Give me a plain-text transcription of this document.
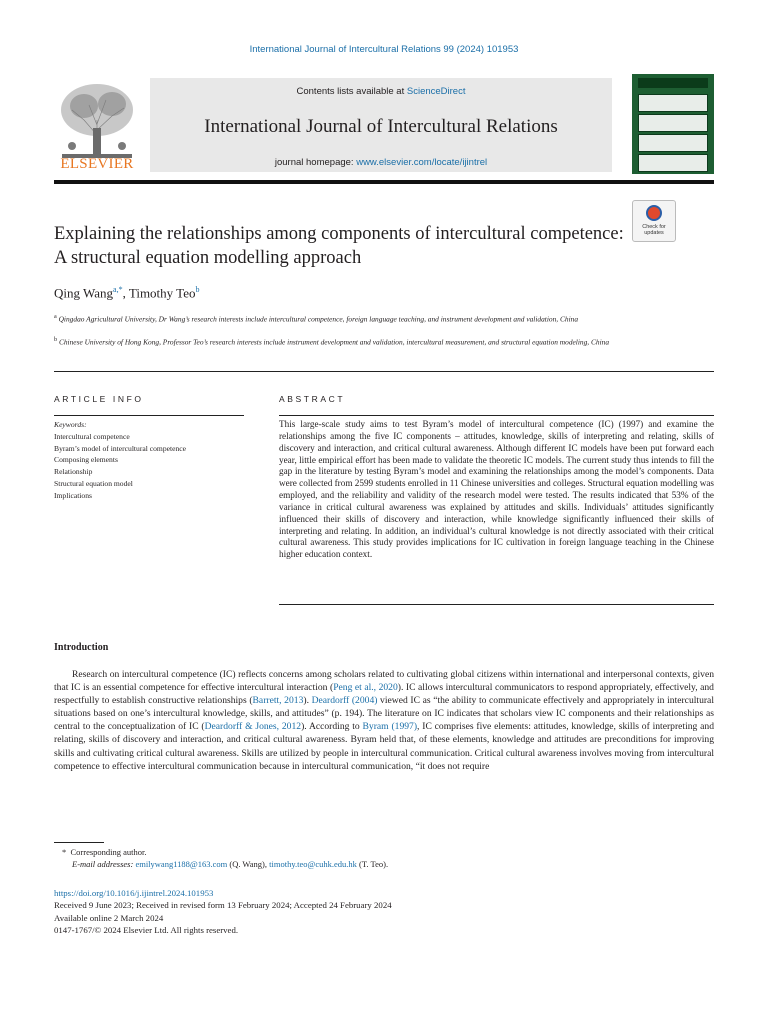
International Journal of Intercultural Relations 99 (2024) 101953
ELSEVIER
Contents lists available at ScienceDirect
International Journal of Intercultural Relations
journal homepage: www.elsevier.com/locate/ijintrel
Check for
updates
Explaining the relationships among components of intercultural competence: A structural equation modelling approach
Qing Wang$^{a,*}$, Timothy Teo$^b$
$^a$ Qingdao Agricultural University, Dr Wang’s research interests include intercultural competence, foreign language teaching, and instrument development and validation, China
$^b$ Chinese University of Hong Kong, Professor Teo’s research interests include instrument development and validation, intercultural measurement, and structural equation modeling, China
ARTICLE INFO	ABSTRACT
Keywords:
Intercultural competence
Byram’s model of intercultural competence
Composing elements
Relationship
Structural equation model
Implications
This large-scale study aims to test Byram’s model of intercultural competence (IC) (1997) and examine the relationships among the five IC components – attitudes, knowledge, skills of interpreting and relating, skills of discovery and interaction, and critical cultural awareness. Although different IC models have been put forward each year, little empirical effort has been made to validate the theoretic IC models. The current study thus intends to fill the gap in the literature by testing Byram’s model and examining the relationships among the model’s components. Data were collected from 2599 students enrolled in 11 Chinese universities and colleges. Structural equation modelling was employed, and the reliability and validity of the research model were tested. The results indicated that 53% of the variance in critical cultural awareness was explained by attitudes and skills. Individuals’ attitudes significantly influenced their skills of discovery and interaction, while knowledge significantly influenced their skills of interpreting and relating. In addition, an individual’s cultural knowledge is not directly associated with their critical cultural awareness. This study provides implications for IC cultivation in foreign language teaching in the Chinese higher education context.
Introduction

Research on intercultural competence (IC) reflects concerns among scholars related to cultivating global citizens within international and interpersonal contexts, given that IC is an essential competence for effective intercultural interaction (Peng et al., 2020). IC allows intercultural communicators to respond appropriately, effectively, and respectfully to establish constructive relationships (Barrett, 2013). Deardorff (2004) viewed IC as “the ability to communicate effectively and appropriately in intercultural situations based on one’s intercultural knowledge, skills, and attitudes” (p. 194). The literature on IC indicates that scholars view IC components and their relationships as central to the conceptualization of IC (Deardorff & Jones, 2012). According to Byram (1997), IC comprises five elements: attitudes, knowledge, skills of interpreting and relating, skills of discovery and interaction, and critical cultural awareness. Byram held that, of these elements, knowledge and attitudes are preconditions for improving skills and cultivating critical cultural awareness. Skills are utilized by people in intercultural communication. Critical cultural awareness involves moving from intercultural competence to effective intercultural communication because in intercultural communication, “it does not require

* Corresponding author.
E-mail addresses: emilywang1188@163.com (Q. Wang), timothy.teo@cuhk.edu.hk (T. Teo).
https://doi.org/10.1016/j.ijintrel.2024.101953
Received 9 June 2023; Received in revised form 13 February 2024; Accepted 24 February 2024
Available online 2 March 2024
0147-1767/© 2024 Elsevier Ltd. All rights reserved.
